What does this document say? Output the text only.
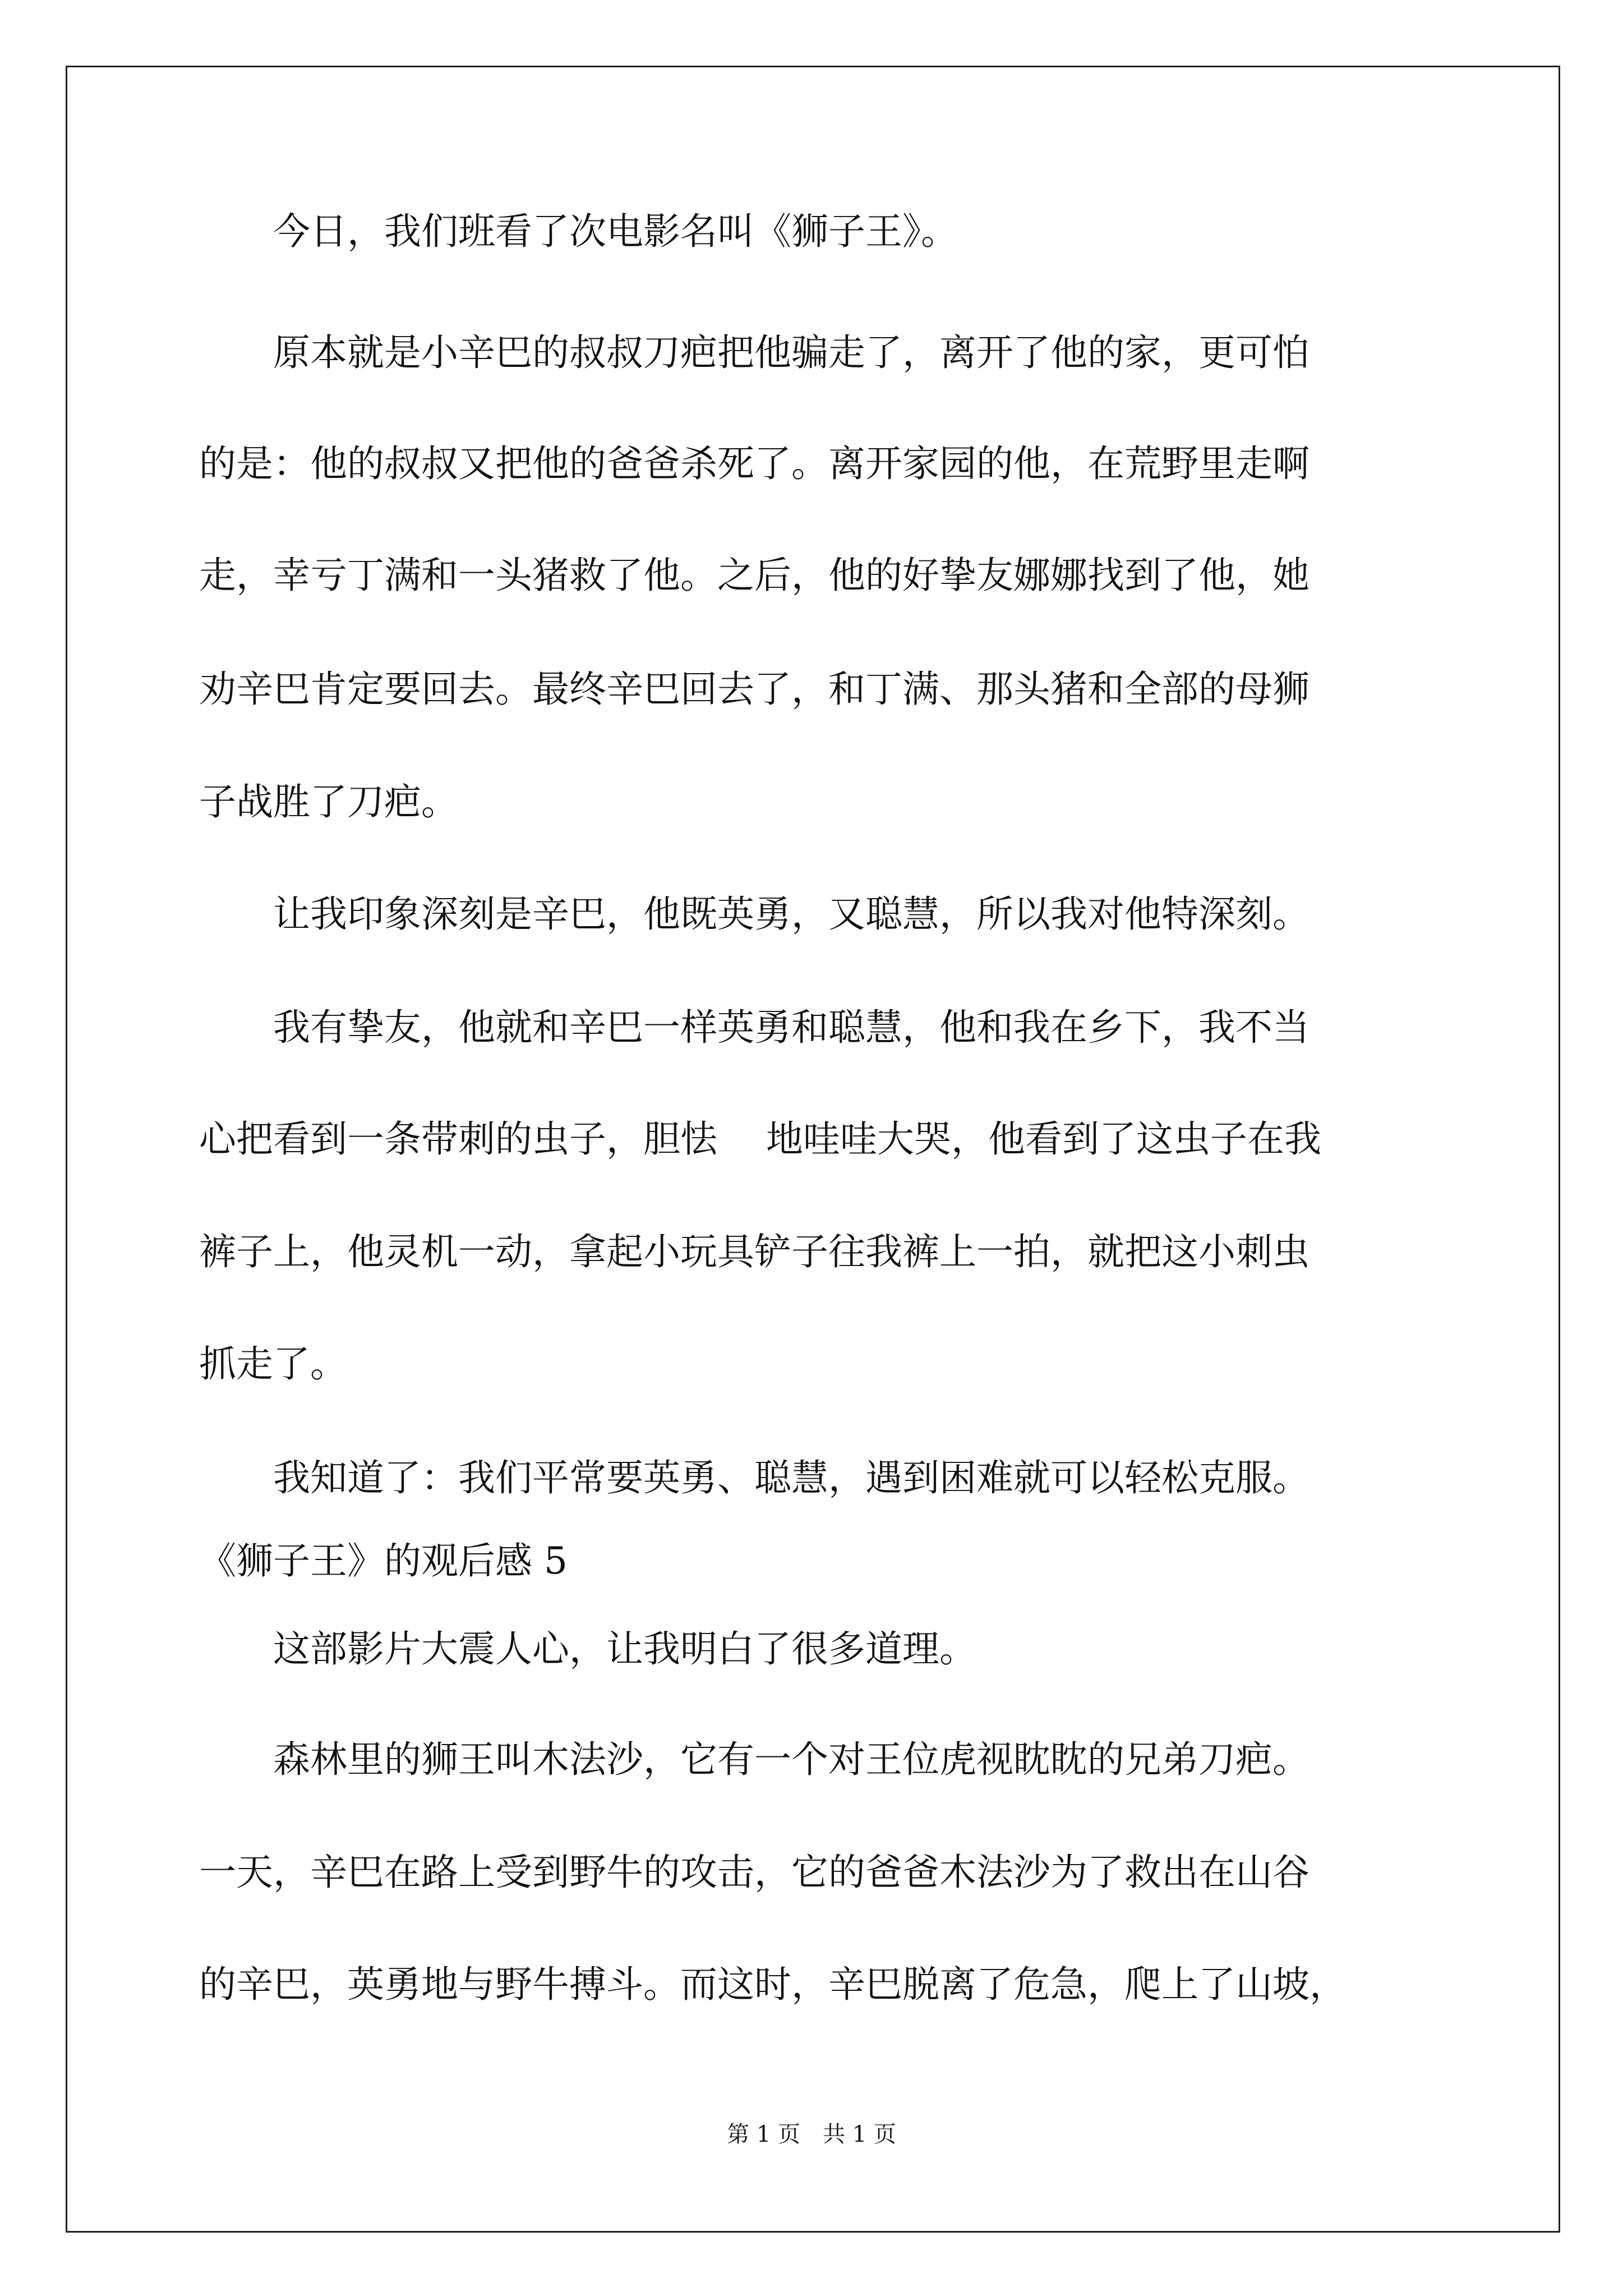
　　今日，我们班看了次电影名叫《狮子王》。
　　原本就是小辛巴的叔叔刀疤把他骗走了，离开了他的家，更可怕
的是：他的叔叔又把他的爸爸杀死了。离开家园的他，在荒野里走啊
走，幸亏丁满和一头猪救了他。之后，他的好挚友娜娜找到了他，她
劝辛巴肯定要回去。最终辛巴回去了，和丁满、那头猪和全部的母狮
子战胜了刀疤。
　　让我印象深刻是辛巴，他既英勇，又聪慧，所以我对他特深刻。
　　我有挚友，他就和辛巴一样英勇和聪慧，他和我在乡下，我不当
心把看到一条带刺的虫子，胆怯　 地哇哇大哭，他看到了这虫子在我
裤子上，他灵机一动，拿起小玩具铲子往我裤上一拍，就把这小刺虫
抓走了。
　　我知道了：我们平常要英勇、聪慧，遇到困难就可以轻松克服。
《狮子王》的观后感 5
　　这部影片大震人心，让我明白了很多道理。
　　森林里的狮王叫木法沙，它有一个对王位虎视眈眈的兄弟刀疤。
一天，辛巴在路上受到野牛的攻击，它的爸爸木法沙为了救出在山谷
的辛巴，英勇地与野牛搏斗。而这时，辛巴脱离了危急，爬上了山坡，
第 1 页　共 1 页
